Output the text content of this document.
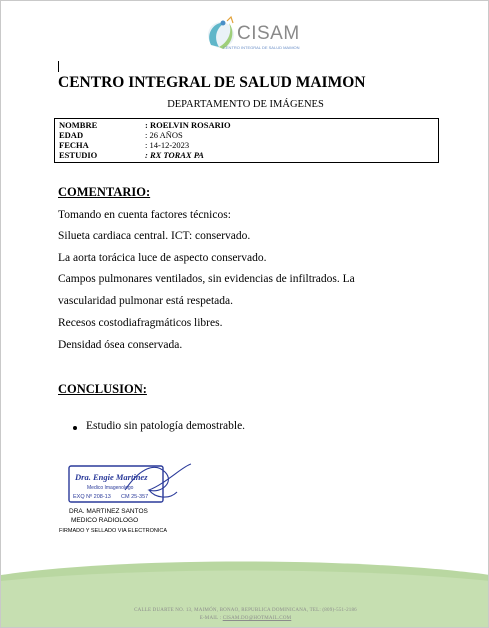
CISAM
CENTRO INTEGRAL DE SALUD MAIMON
CENTRO INTEGRAL DE SALUD MAIMON
DEPARTAMENTO DE IMÁGENES
NOMBRE	: ROELVIN ROSARIO
EDAD	: 26 AÑOS
FECHA	: 14-12-2023
ESTUDIO	: RX TORAX PA
COMENTARIO:
Tomando en cuenta factores técnicos:
Silueta cardiaca central. ICT: conservado.
La aorta torácica luce de aspecto conservado.
Campos pulmonares ventilados, sin evidencias de infiltrados. La
vascularidad pulmonar está respetada.
Recesos costodiafragmáticos libres.
Densidad ósea conservada.
CONCLUSION:
Estudio sin patología demostrable.
Dra. Engie Martinez
Medico Imagenologo
EXQ Nº 208-13 CM 25-357
DRA. MARTINEZ SANTOS
MEDICO RADIOLOGO
FIRMADO Y SELLADO VIA ELECTRONICA
CALLE DUARTE NO. 13, MAIMÓN, BONAO, REPUBLICA DOMINICANA, TEL: (809)-551-2186
E-MAIL : CISAM.DO@HOTMAIL.COM
